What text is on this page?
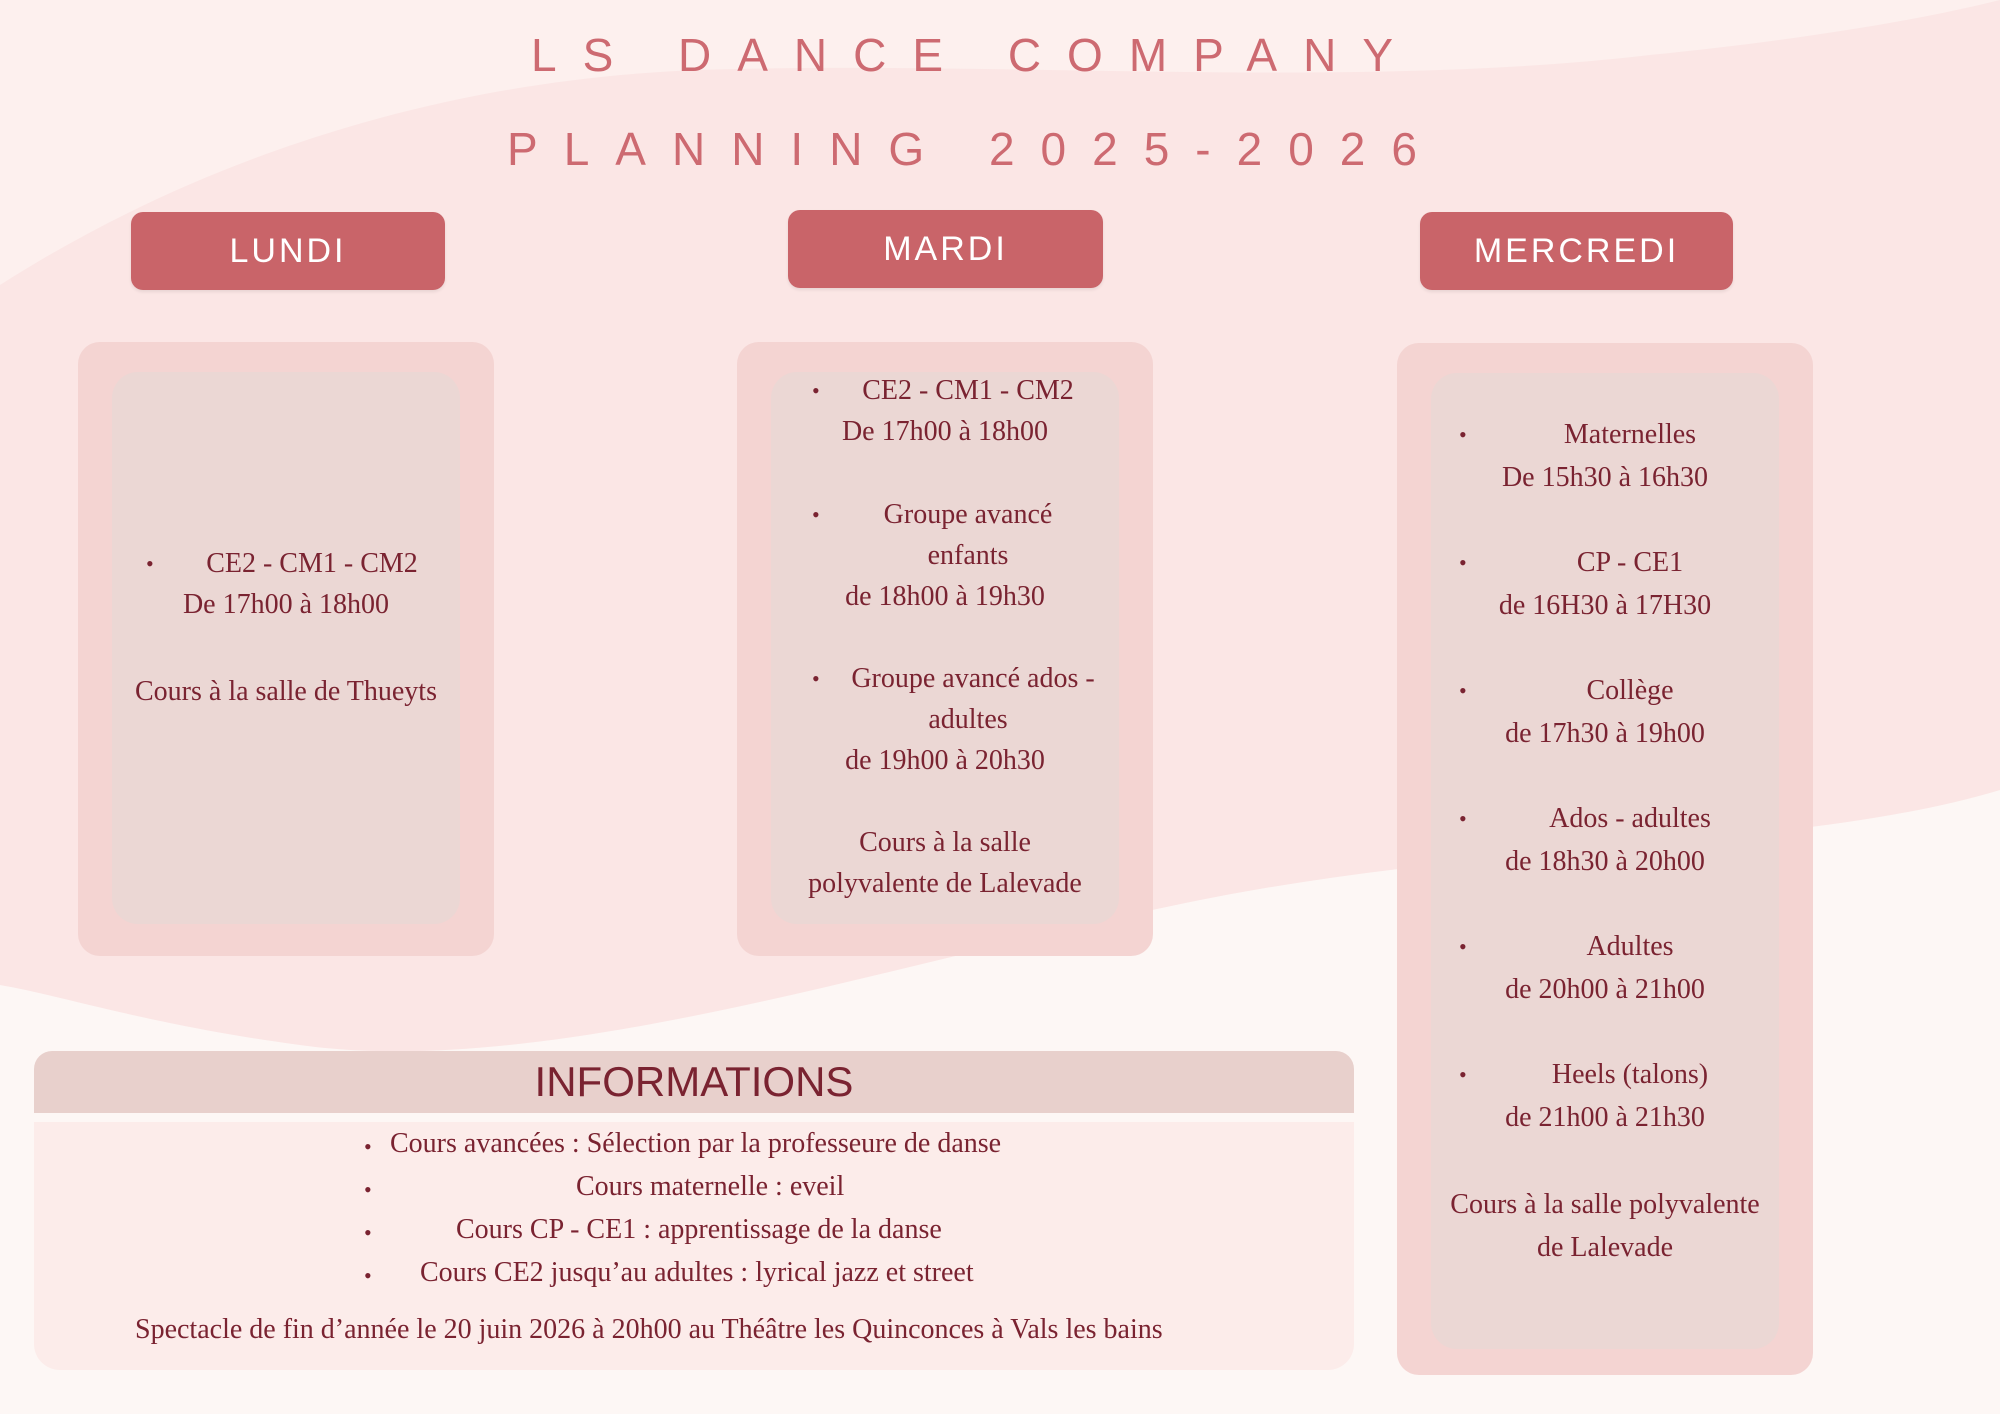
LS DANCE COMPANY
PLANNING 2025-2026
LUNDI	MARDI	MERCREDI
•	CE2 - CM1 - CM2
De 17h00 à 18h00
Cours à la salle de Thueyts
•	CE2 - CM1 - CM2
De 17h00 à 18h00
•	Groupe avancé
enfants
de 18h00 à 19h30
•	Groupe avancé ados -
adultes
de 19h00 à 20h30
Cours à la salle
polyvalente de Lalevade
•	Maternelles
De 15h30 à 16h30
•	CP - CE1
de 16H30 à 17H30
•	Collège
de 17h30 à 19h00
•	Ados - adultes
de 18h30 à 20h00
•	Adultes
de 20h00 à 21h00
•	Heels (talons)
de 21h00 à 21h30
Cours à la salle polyvalente
de Lalevade
INFORMATIONS
• Cours avancées : Sélection par la professeure de danse
•	Cours maternelle : eveil
•	Cours CP - CE1 : apprentissage de la danse
• Cours CE2 jusqu’au adultes : lyrical jazz et street
Spectacle de fin d’année le 20 juin 2026 à 20h00 au Théâtre les Quinconces à Vals les bains
